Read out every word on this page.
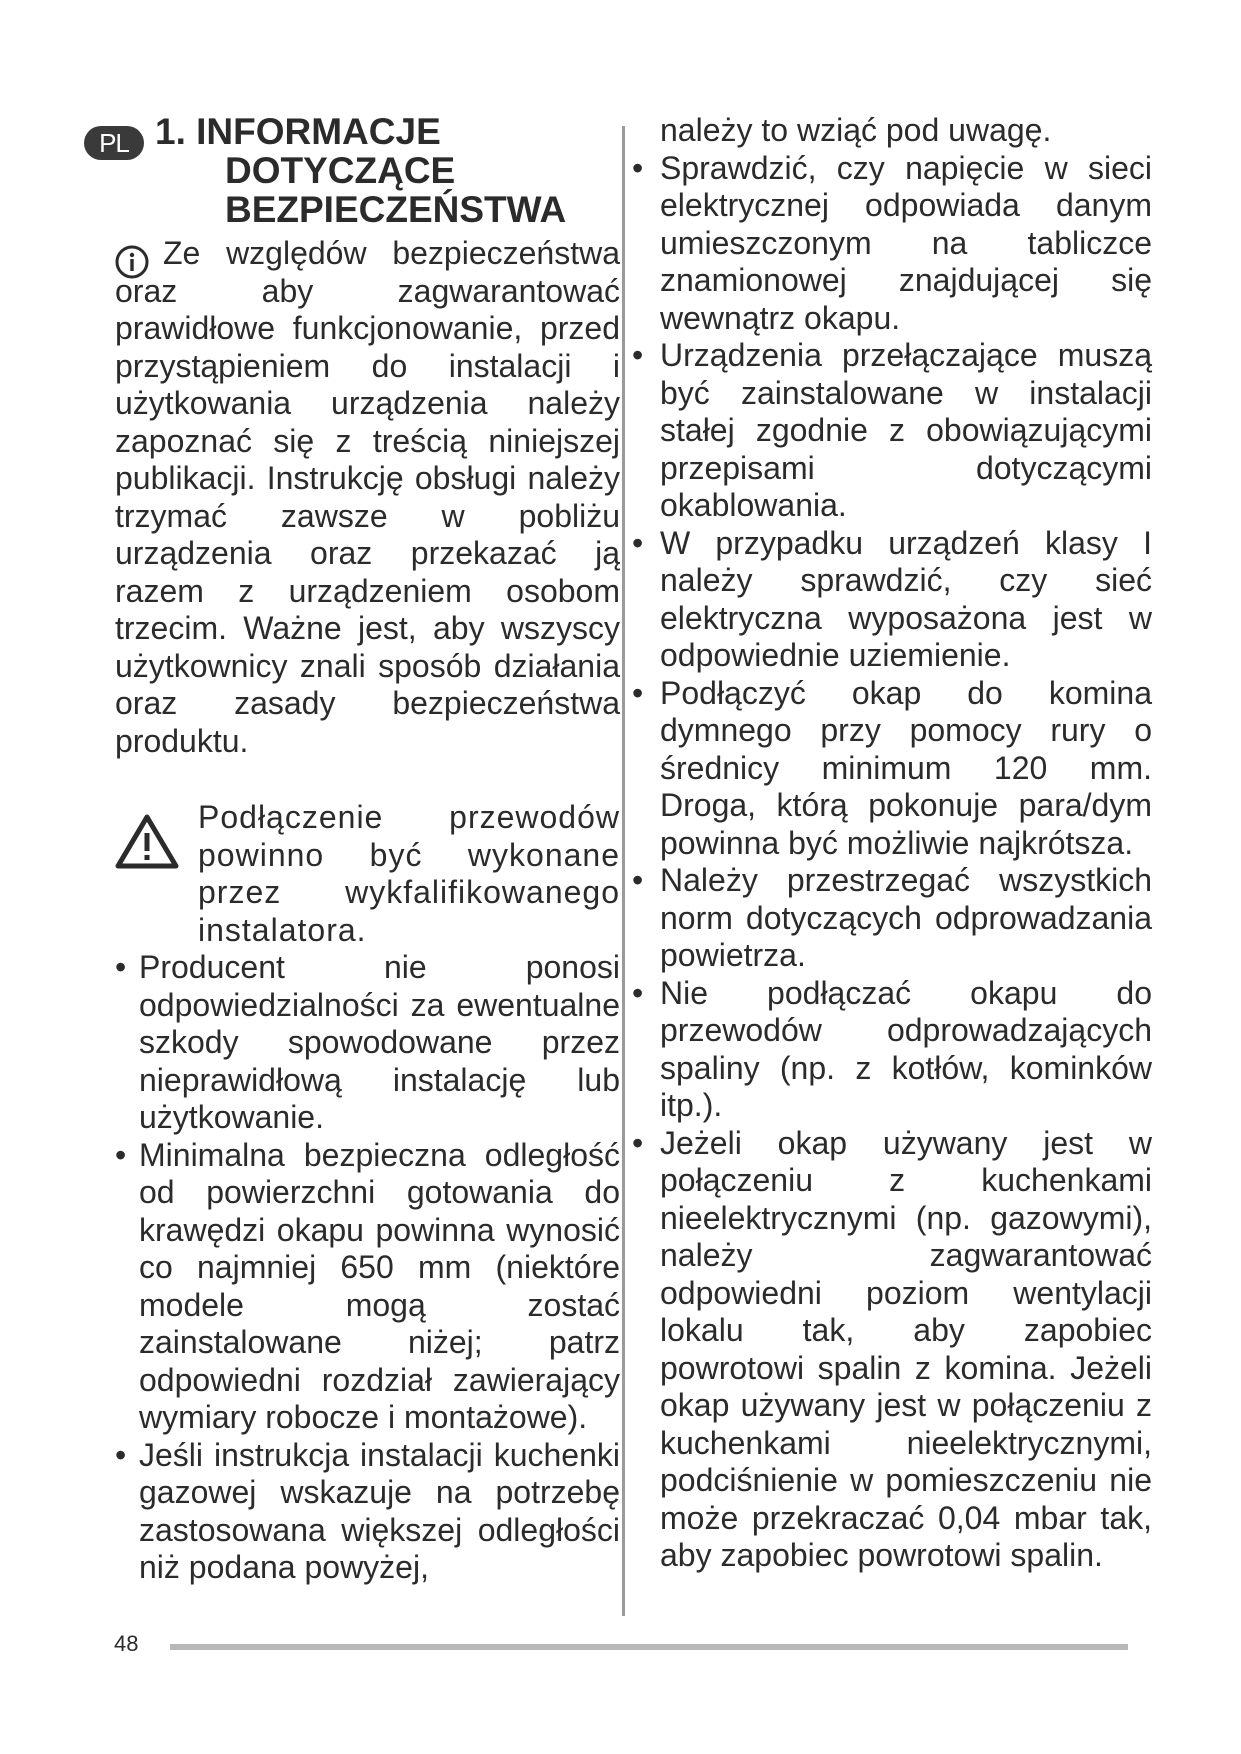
PL 1. INFORMACJE
DOTYCZĄCE
BEZPIECZEŃSTWA

Ze względów bezpieczeństwa oraz aby zagwarantować prawidłowe funkcjonowanie, przed przystąpieniem do instalacji i użytkowania urządzenia należy zapoznać się z treścią niniejszej publikacji. Instrukcję obsługi należy trzymać zawsze w pobliżu urządzenia oraz przekazać ją razem z urządzeniem osobom trzecim. Ważne jest, aby wszyscy użytkownicy znali sposób działania oraz zasady bezpieczeństwa produktu.

Podłączenie przewodów powinno być wykonane przez wykfalifikowanego instalatora.

• Producent nie ponosi odpowiedzialności za ewentualne szkody spowodowane przez nieprawidłową instalację lub użytkowanie.
• Minimalna bezpieczna odległość od powierzchni gotowania do krawędzi okapu powinna wynosić co najmniej 650 mm (niektóre modele mogą zostać zainstalowane niżej; patrz odpowiedni rozdział zawierający wymiary robocze i montażowe).
• Jeśli instrukcja instalacji kuchenki gazowej wskazuje na potrzebę zastosowana większej odległości niż podana powyżej,

należy to wziąć pod uwagę.

• Sprawdzić, czy napięcie w sieci elektrycznej odpowiada danym umieszczonym na tabliczce znamionowej znajdującej się wewnątrz okapu.
• Urządzenia przełączające muszą być zainstalowane w instalacji stałej zgodnie z obowiązującymi przepisami dotyczącymi okablowania.
• W przypadku urządzeń klasy I należy sprawdzić, czy sieć elektryczna wyposażona jest w odpowiednie uziemienie.
• Podłączyć okap do komina dymnego przy pomocy rury o średnicy minimum 120 mm. Droga, którą pokonuje para/dym powinna być możliwie najkrótsza.
• Należy przestrzegać wszystkich norm dotyczących odprowadzania powietrza.
• Nie podłączać okapu do przewodów odprowadzających spaliny (np. z kotłów, kominków itp.).
• Jeżeli okap używany jest w połączeniu z kuchenkami nieelektrycznymi (np. gazowymi), należy zagwarantować odpowiedni poziom wentylacji lokalu tak, aby zapobiec powrotowi spalin z komina. Jeżeli okap używany jest w połączeniu z kuchenkami nieelektrycznymi, podciśnienie w pomieszczeniu nie może przekraczać 0,04 mbar tak, aby zapobiec powrotowi spalin.
48
